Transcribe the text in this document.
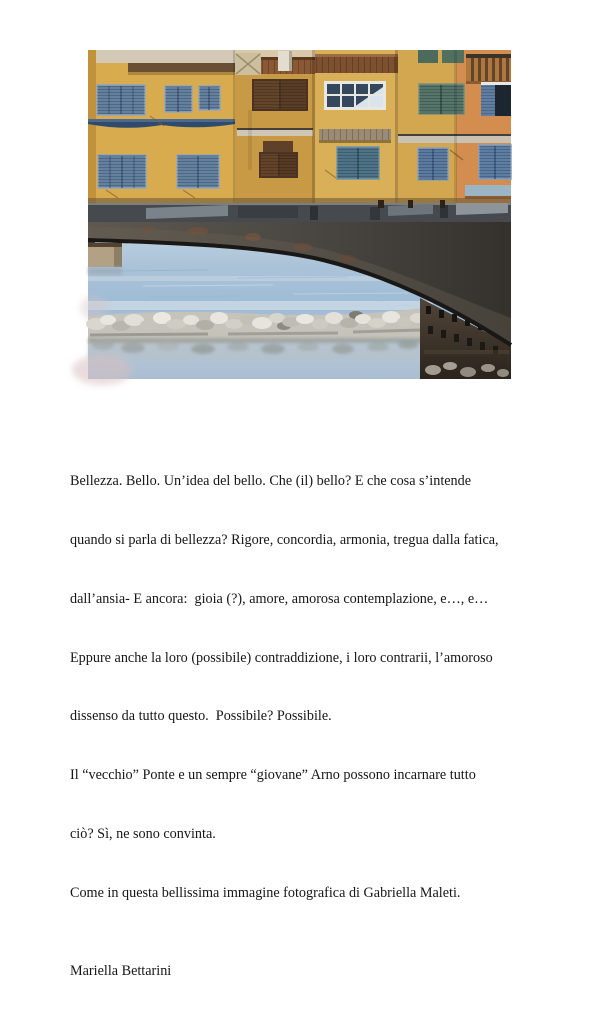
Bellezza. Bello. Un’idea del bello. Che (il) bello? E che cosa s’intende

quando si parla di bellezza? Rigore, concordia, armonia, tregua dalla fatica,

dall’ansia- E ancora:  gioia (?), amore, amorosa contemplazione, e…, e…

Eppure anche la loro (possibile) contraddizione, i loro contrarii, l’amoroso

dissenso da tutto questo.  Possibile? Possibile.

Il “vecchio” Ponte e un sempre “giovane” Arno possono incarnare tutto

ciò? Sì, ne sono convinta.

Come in questa bellissima immagine fotografica di Gabriella Maleti.

Mariella Bettarini
